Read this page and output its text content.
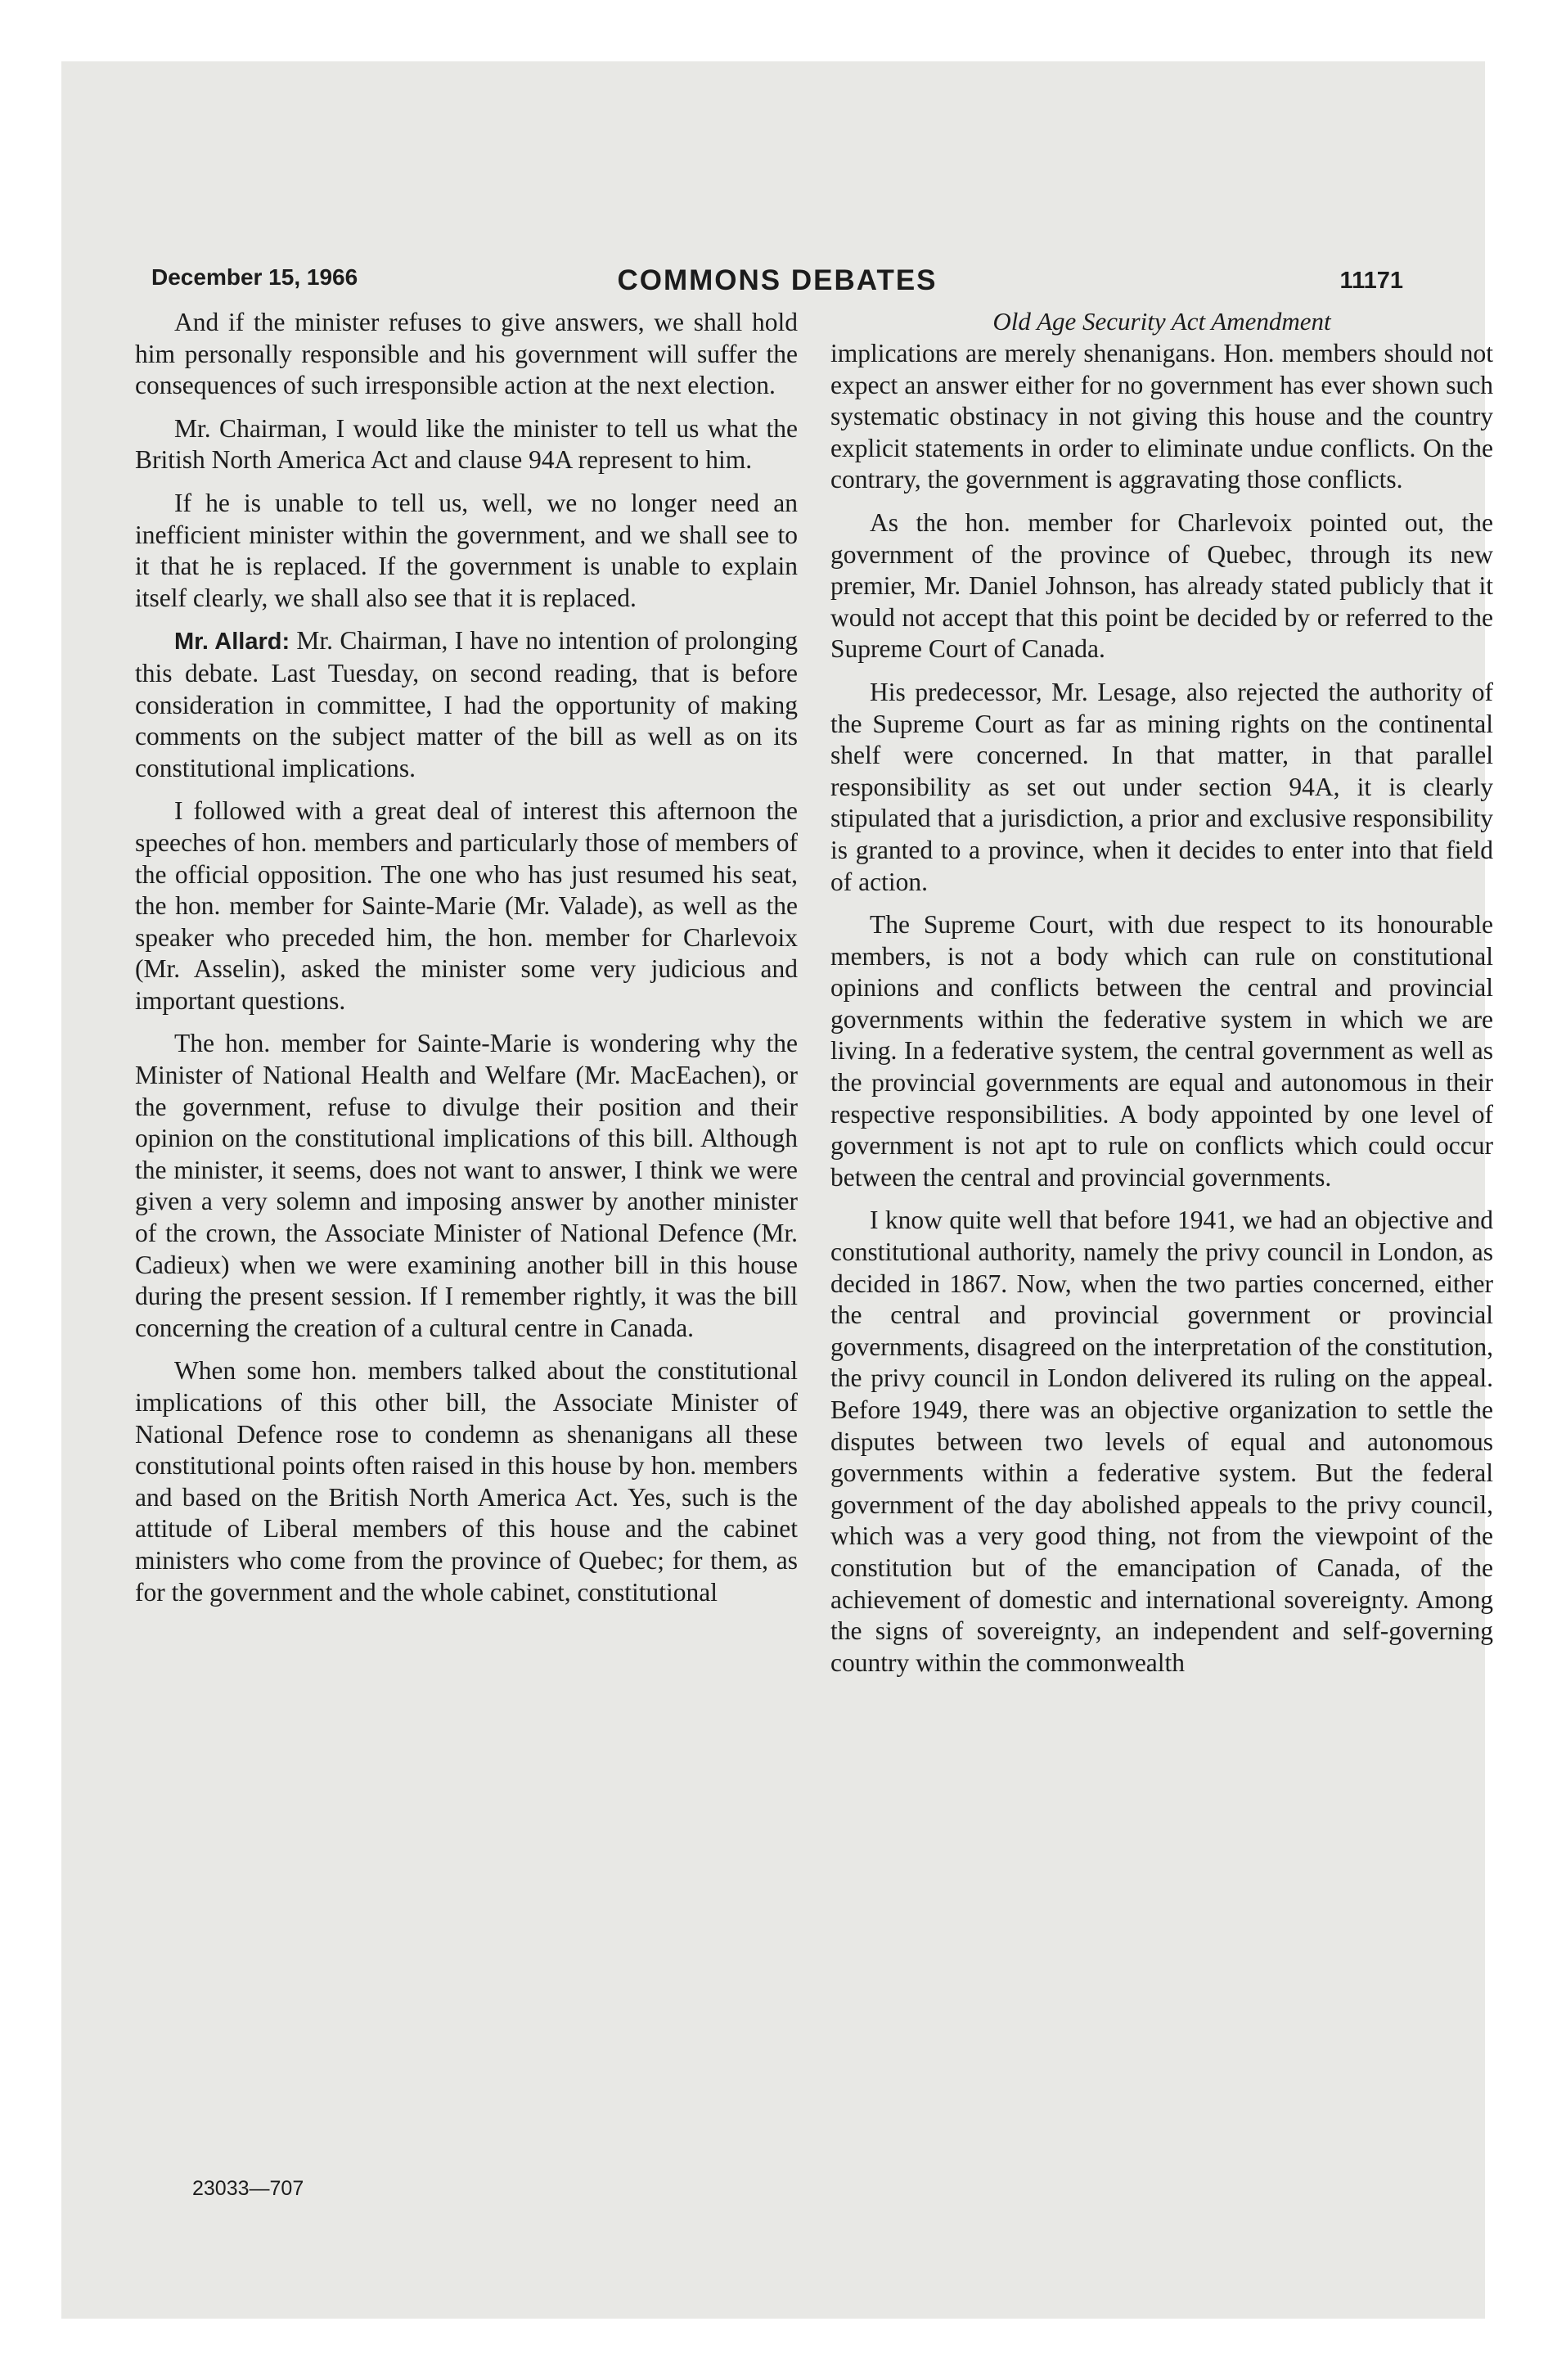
December 15, 1966	COMMONS DEBATES	11171

And if the minister refuses to give answers, we shall hold him personally responsible and his government will suffer the consequences of such irresponsible action at the next election.

Mr. Chairman, I would like the minister to tell us what the British North America Act and clause 94A represent to him.

If he is unable to tell us, well, we no longer need an inefficient minister within the government, and we shall see to it that he is replaced. If the government is unable to explain itself clearly, we shall also see that it is replaced.

Mr. Allard: Mr. Chairman, I have no intention of prolonging this debate. Last Tuesday, on second reading, that is before consideration in committee, I had the opportunity of making comments on the subject matter of the bill as well as on its constitutional implications.

I followed with a great deal of interest this afternoon the speeches of hon. members and particularly those of members of the official opposition. The one who has just resumed his seat, the hon. member for Sainte-Marie (Mr. Valade), as well as the speaker who preceded him, the hon. member for Charlevoix (Mr. Asselin), asked the minister some very judicious and important questions.

The hon. member for Sainte-Marie is wondering why the Minister of National Health and Welfare (Mr. MacEachen), or the government, refuse to divulge their position and their opinion on the constitutional implications of this bill. Although the minister, it seems, does not want to answer, I think we were given a very solemn and imposing answer by another minister of the crown, the Associate Minister of National Defence (Mr. Cadieux) when we were examining another bill in this house during the present session. If I remember rightly, it was the bill concerning the creation of a cultural centre in Canada.

When some hon. members talked about the constitutional implications of this other bill, the Associate Minister of National Defence rose to condemn as shenanigans all these constitutional points often raised in this house by hon. members and based on the British North America Act. Yes, such is the attitude of Liberal members of this house and the cabinet ministers who come from the province of Quebec; for them, as for the government and the whole cabinet, constitutional

Old Age Security Act Amendment

implications are merely shenanigans. Hon. members should not expect an answer either for no government has ever shown such systematic obstinacy in not giving this house and the country explicit statements in order to eliminate undue conflicts. On the contrary, the government is aggravating those conflicts.

As the hon. member for Charlevoix pointed out, the government of the province of Quebec, through its new premier, Mr. Daniel Johnson, has already stated publicly that it would not accept that this point be decided by or referred to the Supreme Court of Canada.

His predecessor, Mr. Lesage, also rejected the authority of the Supreme Court as far as mining rights on the continental shelf were concerned. In that matter, in that parallel responsibility as set out under section 94A, it is clearly stipulated that a jurisdiction, a prior and exclusive responsibility is granted to a province, when it decides to enter into that field of action.

The Supreme Court, with due respect to its honourable members, is not a body which can rule on constitutional opinions and conflicts between the central and provincial governments within the federative system in which we are living. In a federative system, the central government as well as the provincial governments are equal and autonomous in their respective responsibilities. A body appointed by one level of government is not apt to rule on conflicts which could occur between the central and provincial governments.

I know quite well that before 1941, we had an objective and constitutional authority, namely the privy council in London, as decided in 1867. Now, when the two parties concerned, either the central and provincial government or provincial governments, disagreed on the interpretation of the constitution, the privy council in London delivered its ruling on the appeal. Before 1949, there was an objective organization to settle the disputes between two levels of equal and autonomous governments within a federative system. But the federal government of the day abolished appeals to the privy council, which was a very good thing, not from the viewpoint of the constitution but of the emancipation of Canada, of the achievement of domestic and international sovereignty. Among the signs of sovereignty, an independent and self-governing country within the commonwealth

23033—707
